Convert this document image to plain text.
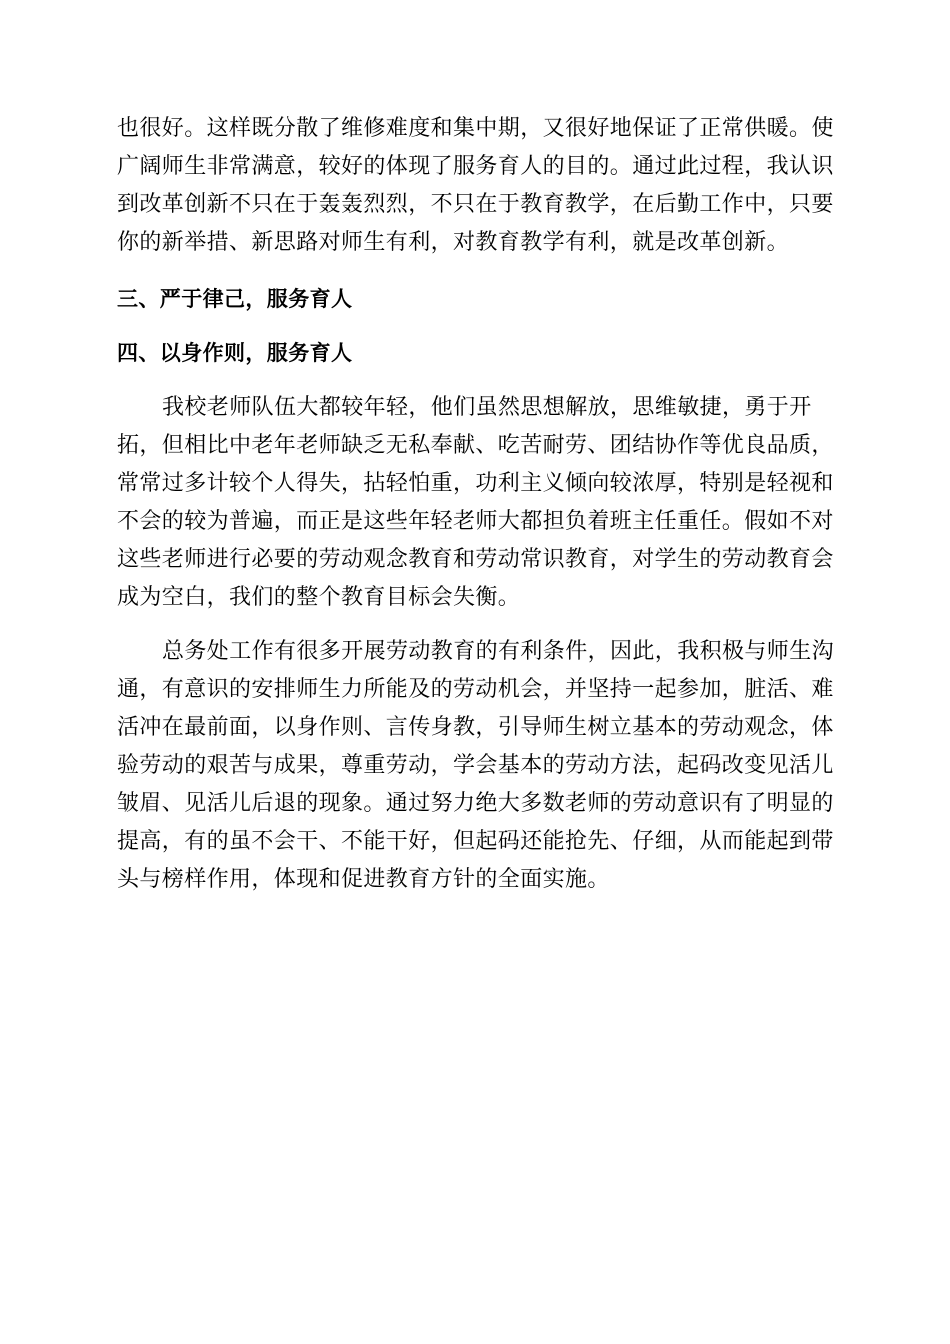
也很好。这样既分散了维修难度和集中期，又很好地保证了正常供暖。使
广阔师生非常满意，较好的体现了服务育人的目的。通过此过程，我认识
到改革创新不只在于轰轰烈烈，不只在于教育教学，在后勤工作中，只要
你的新举措、新思路对师生有利，对教育教学有利，就是改革创新。
三、严于律己，服务育人
四、以身作则，服务育人
我校老师队伍大都较年轻，他们虽然思想解放，思维敏捷，勇于开
拓，但相比中老年老师缺乏无私奉献、吃苦耐劳、团结协作等优良品质，
常常过多计较个人得失，拈轻怕重，功利主义倾向较浓厚，特别是轻视和
不会的较为普遍，而正是这些年轻老师大都担负着班主任重任。假如不对
这些老师进行必要的劳动观念教育和劳动常识教育，对学生的劳动教育会
成为空白，我们的整个教育目标会失衡。
总务处工作有很多开展劳动教育的有利条件，因此，我积极与师生沟
通，有意识的安排师生力所能及的劳动机会，并坚持一起参加，脏活、难
活冲在最前面，以身作则、言传身教，引导师生树立基本的劳动观念，体
验劳动的艰苦与成果，尊重劳动，学会基本的劳动方法，起码改变见活儿
皱眉、见活儿后退的现象。通过努力绝大多数老师的劳动意识有了明显的
提高，有的虽不会干、不能干好，但起码还能抢先、仔细，从而能起到带
头与榜样作用，体现和促进教育方针的全面实施。
